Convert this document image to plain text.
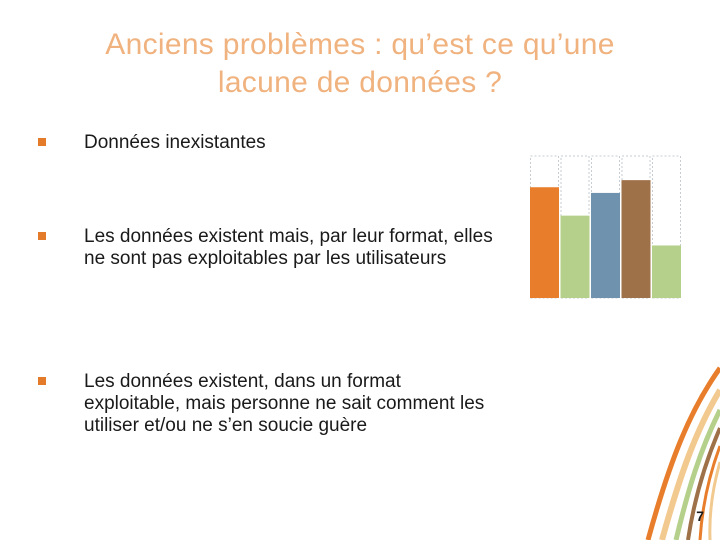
Anciens problèmes : qu’est ce qu’une
lacune de données ?
Données inexistantes
Les données existent mais, par leur format, elles ne sont pas exploitables par les utilisateurs
Les données existent, dans un format exploitable, mais personne ne sait comment les utiliser et/ou ne s’en soucie guère
7
